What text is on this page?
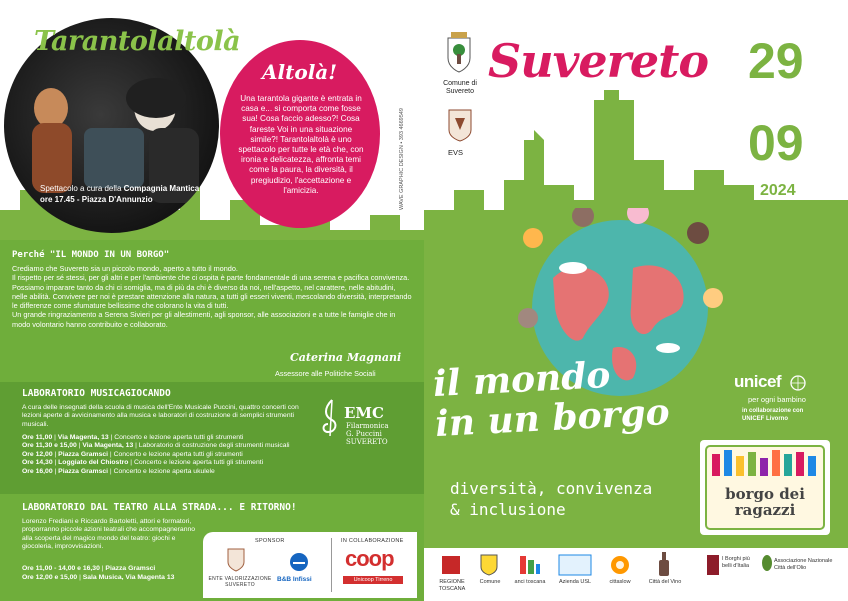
Tarantolaltolà
Spettacolo a cura della Compagnia Mantica
ore 17.45 - Piazza D'Annunzio
Altolà!
Una tarantola gigante è entrata in casa e... si comporta come fosse sua! Cosa faccio adesso?! Cosa fareste Voi in una situazione simile?! Tarantolaltolà è uno spettacolo per tutte le età che, con ironia e delicatezza, affronta temi come la paura, la diversità, il pregiudizio, l'accettazione e l'amicizia.	WAVE GRAPHIC DESIGN • 393 4669549
Perché "IL MONDO IN UN BORGO"
Crediamo che Suvereto sia un piccolo mondo, aperto a tutto il mondo.
Il rispetto per sé stessi, per gli altri e per l'ambiente che ci ospita è parte fondamentale di una serena e pacifica convivenza. Possiamo imparare tanto da chi ci somiglia, ma di più da chi è diverso da noi, nell'aspetto, nel carattere, nelle abitudini, nelle abilità. Convivere per noi è prestare attenzione alla natura, a tutti gli esseri viventi, mescolando diversità, interpretando le differenze come sfumature bellissime che colorano la vita di tutti.
Un grande ringraziamento a Serena Sivieri per gli allestimenti, agli sponsor, alle associazioni e a tutte le famiglie che in modo volontario hanno contribuito e collaborato.
Caterina Magnani
Assessore alle Politiche Sociali
LABORATORIO MUSICAGIOCANDO
A cura delle insegnati della scuola di musica dell'Ente Musicale Puccini, quattro concerti con lezioni aperte di avvicinamento alla musica e laboratori di costruzione di semplici strumenti musicali.
Ore 11,00 | Via Magenta, 13 | Concerto e lezione aperta tutti gli strumenti
Ore 11,30 e 15,00 | Via Magenta, 13 | Laboratorio di costruzione degli strumenti musicali
Ore 12,00 | Piazza Gramsci | Concerto e lezione aperta tutti gli strumenti
Ore 14,30 | Loggiato del Chiostro | Concerto e lezione aperta tutti gli strumenti
Ore 16,00 | Piazza Gramsci | Concerto e lezione aperta ukulele
EMC
Filarmonica
G. Puccini
SUVERETO
LABORATORIO DAL TEATRO ALLA STRADA... E RITORNO!
Lorenzo Frediani e Riccardo Bartoletti, attori e formatori, proporranno piccole azioni teatrali che accompagneranno alla scoperta del magico mondo del teatro: giochi e giocoleria, improvvisazioni.
Ore 11,00 - 14,00 e 16,30 | Piazza Gramsci
Ore 12,00 e 15,00 | Sala Musica, Via Magenta 13
SPONSOR	IN COLLABORAZIONE
ENTE VALORIZZAZIONE SUVERETO
B&B Infissi
coop
Unicoop Tirreno
Comune di Suvereto
EVS
Suvereto 29
09
2024
il mondo
in un borgo
diversità, convivenza
& inclusione
unicef
per ogni bambino
in collaborazione con UNICEF Livorno
borgo dei ragazzi
REGIONE TOSCANA
Comune	anci toscana	Azienda USL	cittaslow	Città del Vino
I Borghi più belli d'Italia
Associazione Nazionale Città dell'Olio
